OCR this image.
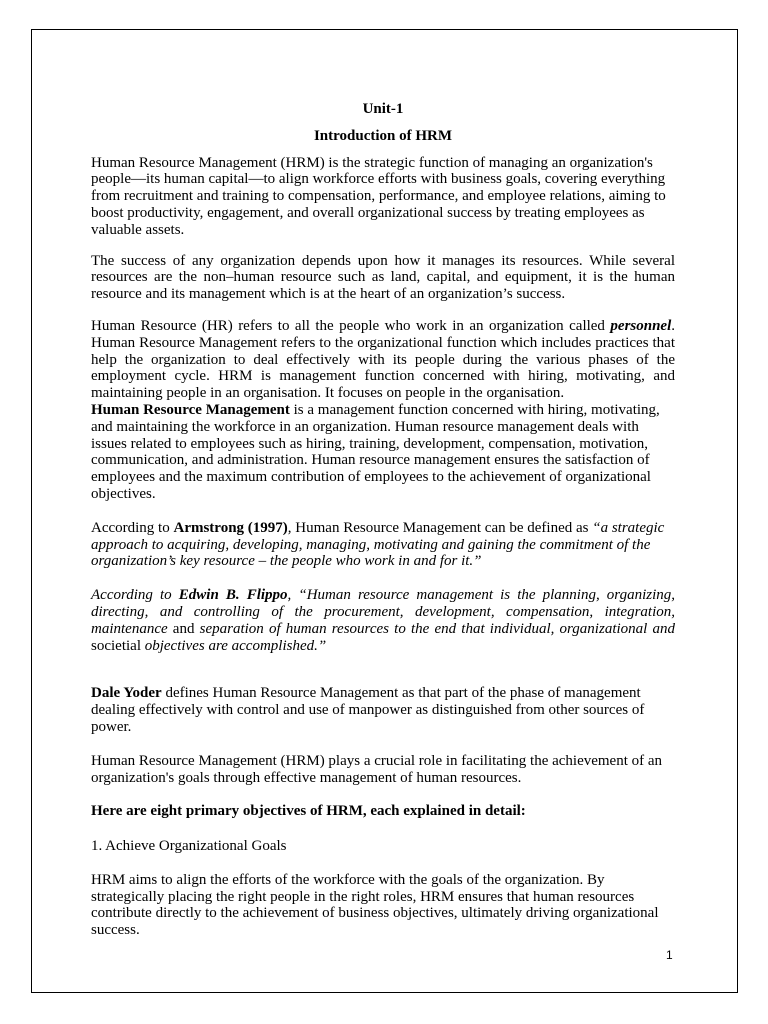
Unit-1

Introduction of HRM

Human Resource Management (HRM) is the strategic function of managing an organization's people—its human capital—to align workforce efforts with business goals, covering everything from recruitment and training to compensation, performance, and employee relations, aiming to boost productivity, engagement, and overall organizational success by treating employees as valuable assets.

The success of any organization depends upon how it manages its resources. While several resources are the non–human resource such as land, capital, and equipment, it is the human resource and its management which is at the heart of an organization’s success.

Human Resource (HR) refers to all the people who work in an organization called personnel. Human Resource Management refers to the organizational function which includes practices that help the organization to deal effectively with its people during the various phases of the employment cycle. HRM is management function concerned with hiring, motivating, and maintaining people in an organisation. It focuses on people in the organisation.

Human Resource Management is a management function concerned with hiring, motivating, and maintaining the workforce in an organization. Human resource management deals with issues related to employees such as hiring, training, development, compensation, motivation, communication, and administration. Human resource management ensures the satisfaction of employees and the maximum contribution of employees to the achievement of organizational objectives.

According to Armstrong (1997), Human Resource Management can be defined as “a strategic approach to acquiring, developing, managing, motivating and gaining the commitment of the organization’s key resource – the people who work in and for it.”

According to Edwin B. Flippo, “Human resource management is the planning, organizing, directing, and controlling of the procurement, development, compensation, integration, maintenance and separation of human resources to the end that individual, organizational and societial objectives are accomplished.”

Dale Yoder defines Human Resource Management as that part of the phase of management dealing effectively with control and use of manpower as distinguished from other sources of power.

Human Resource Management (HRM) plays a crucial role in facilitating the achievement of an organization's goals through effective management of human resources.

Here are eight primary objectives of HRM, each explained in detail:

1. Achieve Organizational Goals

HRM aims to align the efforts of the workforce with the goals of the organization. By strategically placing the right people in the right roles, HRM ensures that human resources contribute directly to the achievement of business objectives, ultimately driving organizational success.

1
